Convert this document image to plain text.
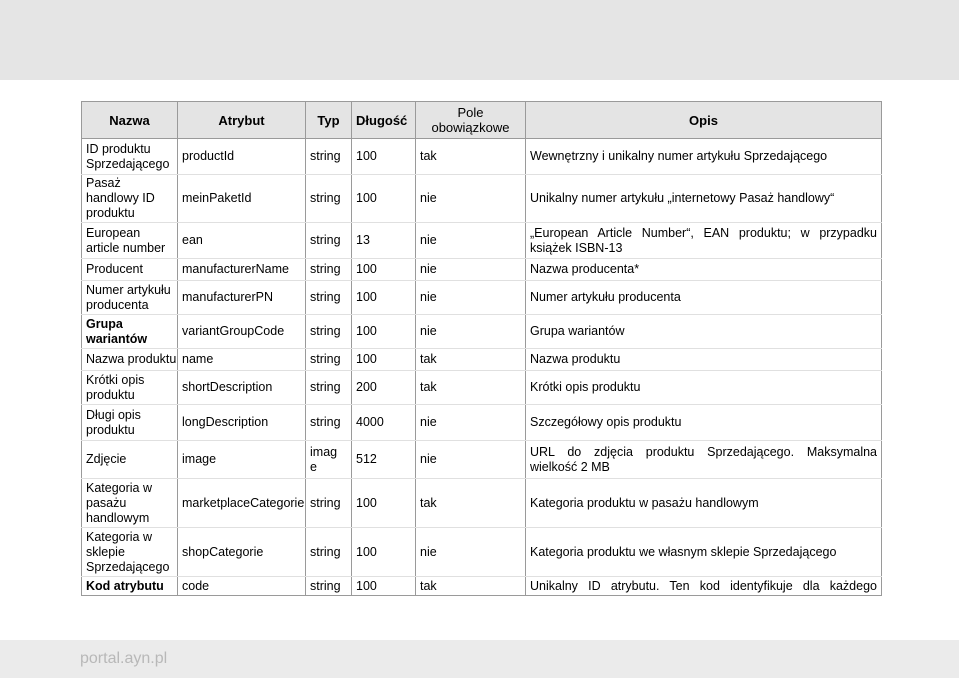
Nazwa	Atrybut	Typ	Długość	Pole obowiązkowe	Opis
ID produktu Sprzedającego	productId	string	100	tak	Wewnętrzny i unikalny numer artykułu Sprzedającego
Pasaż handlowy ID produktu	meinPaketId	string	100	nie	Unikalny numer artykułu „internetowy Pasaż handlowy“
European article number	ean	string	13	nie	„European Article Number“, EAN produktu; w przypadku książek ISBN-13
Producent	manufacturerName	string	100	nie	Nazwa producenta*
Numer artykułu producenta	manufacturerPN	string	100	nie	Numer artykułu producenta
Grupa wariantów	variantGroupCode	string	100	nie	Grupa wariantów
Nazwa produktu	name	string	100	tak	Nazwa produktu
Krótki opis produktu	shortDescription	string	200	tak	Krótki opis produktu
Długi opis produktu	longDescription	string	4000	nie	Szczegółowy opis produktu
Zdjęcie	image	imag e	512	nie	URL do zdjęcia produktu Sprzedającego. Maksymalna wielkość 2 MB
Kategoria w pasażu handlowym	marketplaceCategorie	string	100	tak	Kategoria produktu w pasażu handlowym
Kategoria w sklepie Sprzedającego	shopCategorie	string	100	nie	Kategoria produktu we własnym sklepie Sprzedającego
Kod atrybutu	code	string	100	tak	Unikalny ID atrybutu. Ten kod identyfikuje dla każdego
portal.ayn.pl
